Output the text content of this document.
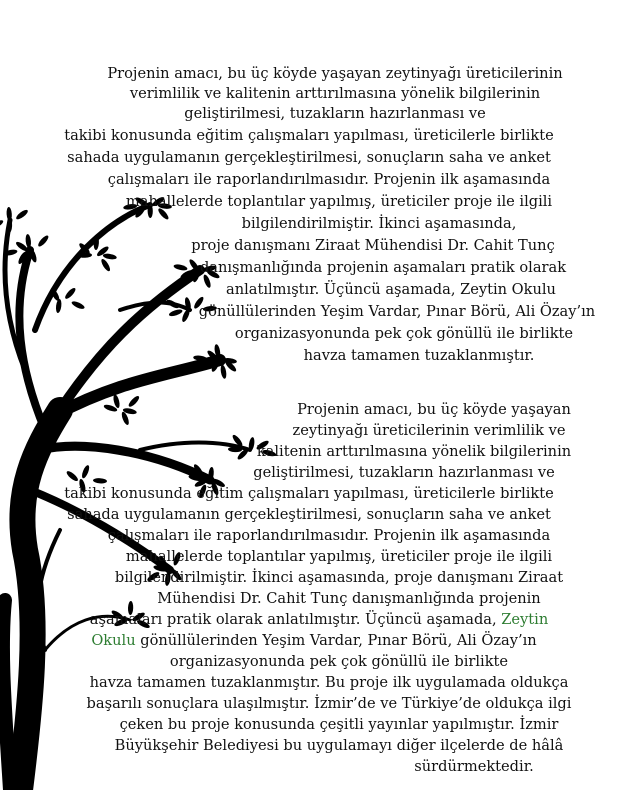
Projenin amacı, bu üç köyde yaşayan zeytinyağı üreticilerinin
verimlilik ve kalitenin arttırılmasına yönelik bilgilerinin
geliştirilmesi, tuzakların hazırlanması ve
takibi konusunda eğitim çalışmaları yapılması, üreticilerle birlikte
sahada uygulamanın gerçekleştirilmesi, sonuçların saha ve anket
çalışmaları ile raporlandırılmasıdır. Projenin ilk aşamasında
mahallelerde toplantılar yapılmış, üreticiler proje ile ilgili
bilgilendirilmiştir. İkinci aşamasında,
proje danışmanı Ziraat Mühendisi Dr. Cahit Tunç
danışmanlığında projenin aşamaları pratik olarak
anlatılmıştır. Üçüncü aşamada, Zeytin Okulu
gönüllülerinden Yeşim Vardar, Pınar Börü, Ali Özay’ın
organizasyonunda pek çok gönüllü ile birlikte
havza tamamen tuzaklanmıştır.
Projenin amacı, bu üç köyde yaşayan
zeytinyağı üreticilerinin verimlilik ve
kalitenin arttırılmasına yönelik bilgilerinin
geliştirilmesi, tuzakların hazırlanması ve
takibi konusunda eğitim çalışmaları yapılması, üreticilerle birlikte
sahada uygulamanın gerçekleştirilmesi, sonuçların saha ve anket
çalışmaları ile raporlandırılmasıdır. Projenin ilk aşamasında
mahallelerde toplantılar yapılmış, üreticiler proje ile ilgili
bilgilendirilmiştir. İkinci aşamasında, proje danışmanı Ziraat
Mühendisi Dr. Cahit Tunç danışmanlığında projenin
aşamaları pratik olarak anlatılmıştır. Üçüncü aşamada, Zeytin
Okulu gönüllülerinden Yeşim Vardar, Pınar Börü, Ali Özay’ın
organizasyonunda pek çok gönüllü ile birlikte
havza tamamen tuzaklanmıştır. Bu proje ilk uygulamada oldukça
başarılı sonuçlara ulaşılmıştır. İzmir’de ve Türkiye’de oldukça ilgi
çeken bu proje konusunda çeşitli yayınlar yapılmıştır. İzmir
Büyükşehir Belediyesi bu uygulamayı diğer ilçelerde de hâlâ
sürdürmektedir.
